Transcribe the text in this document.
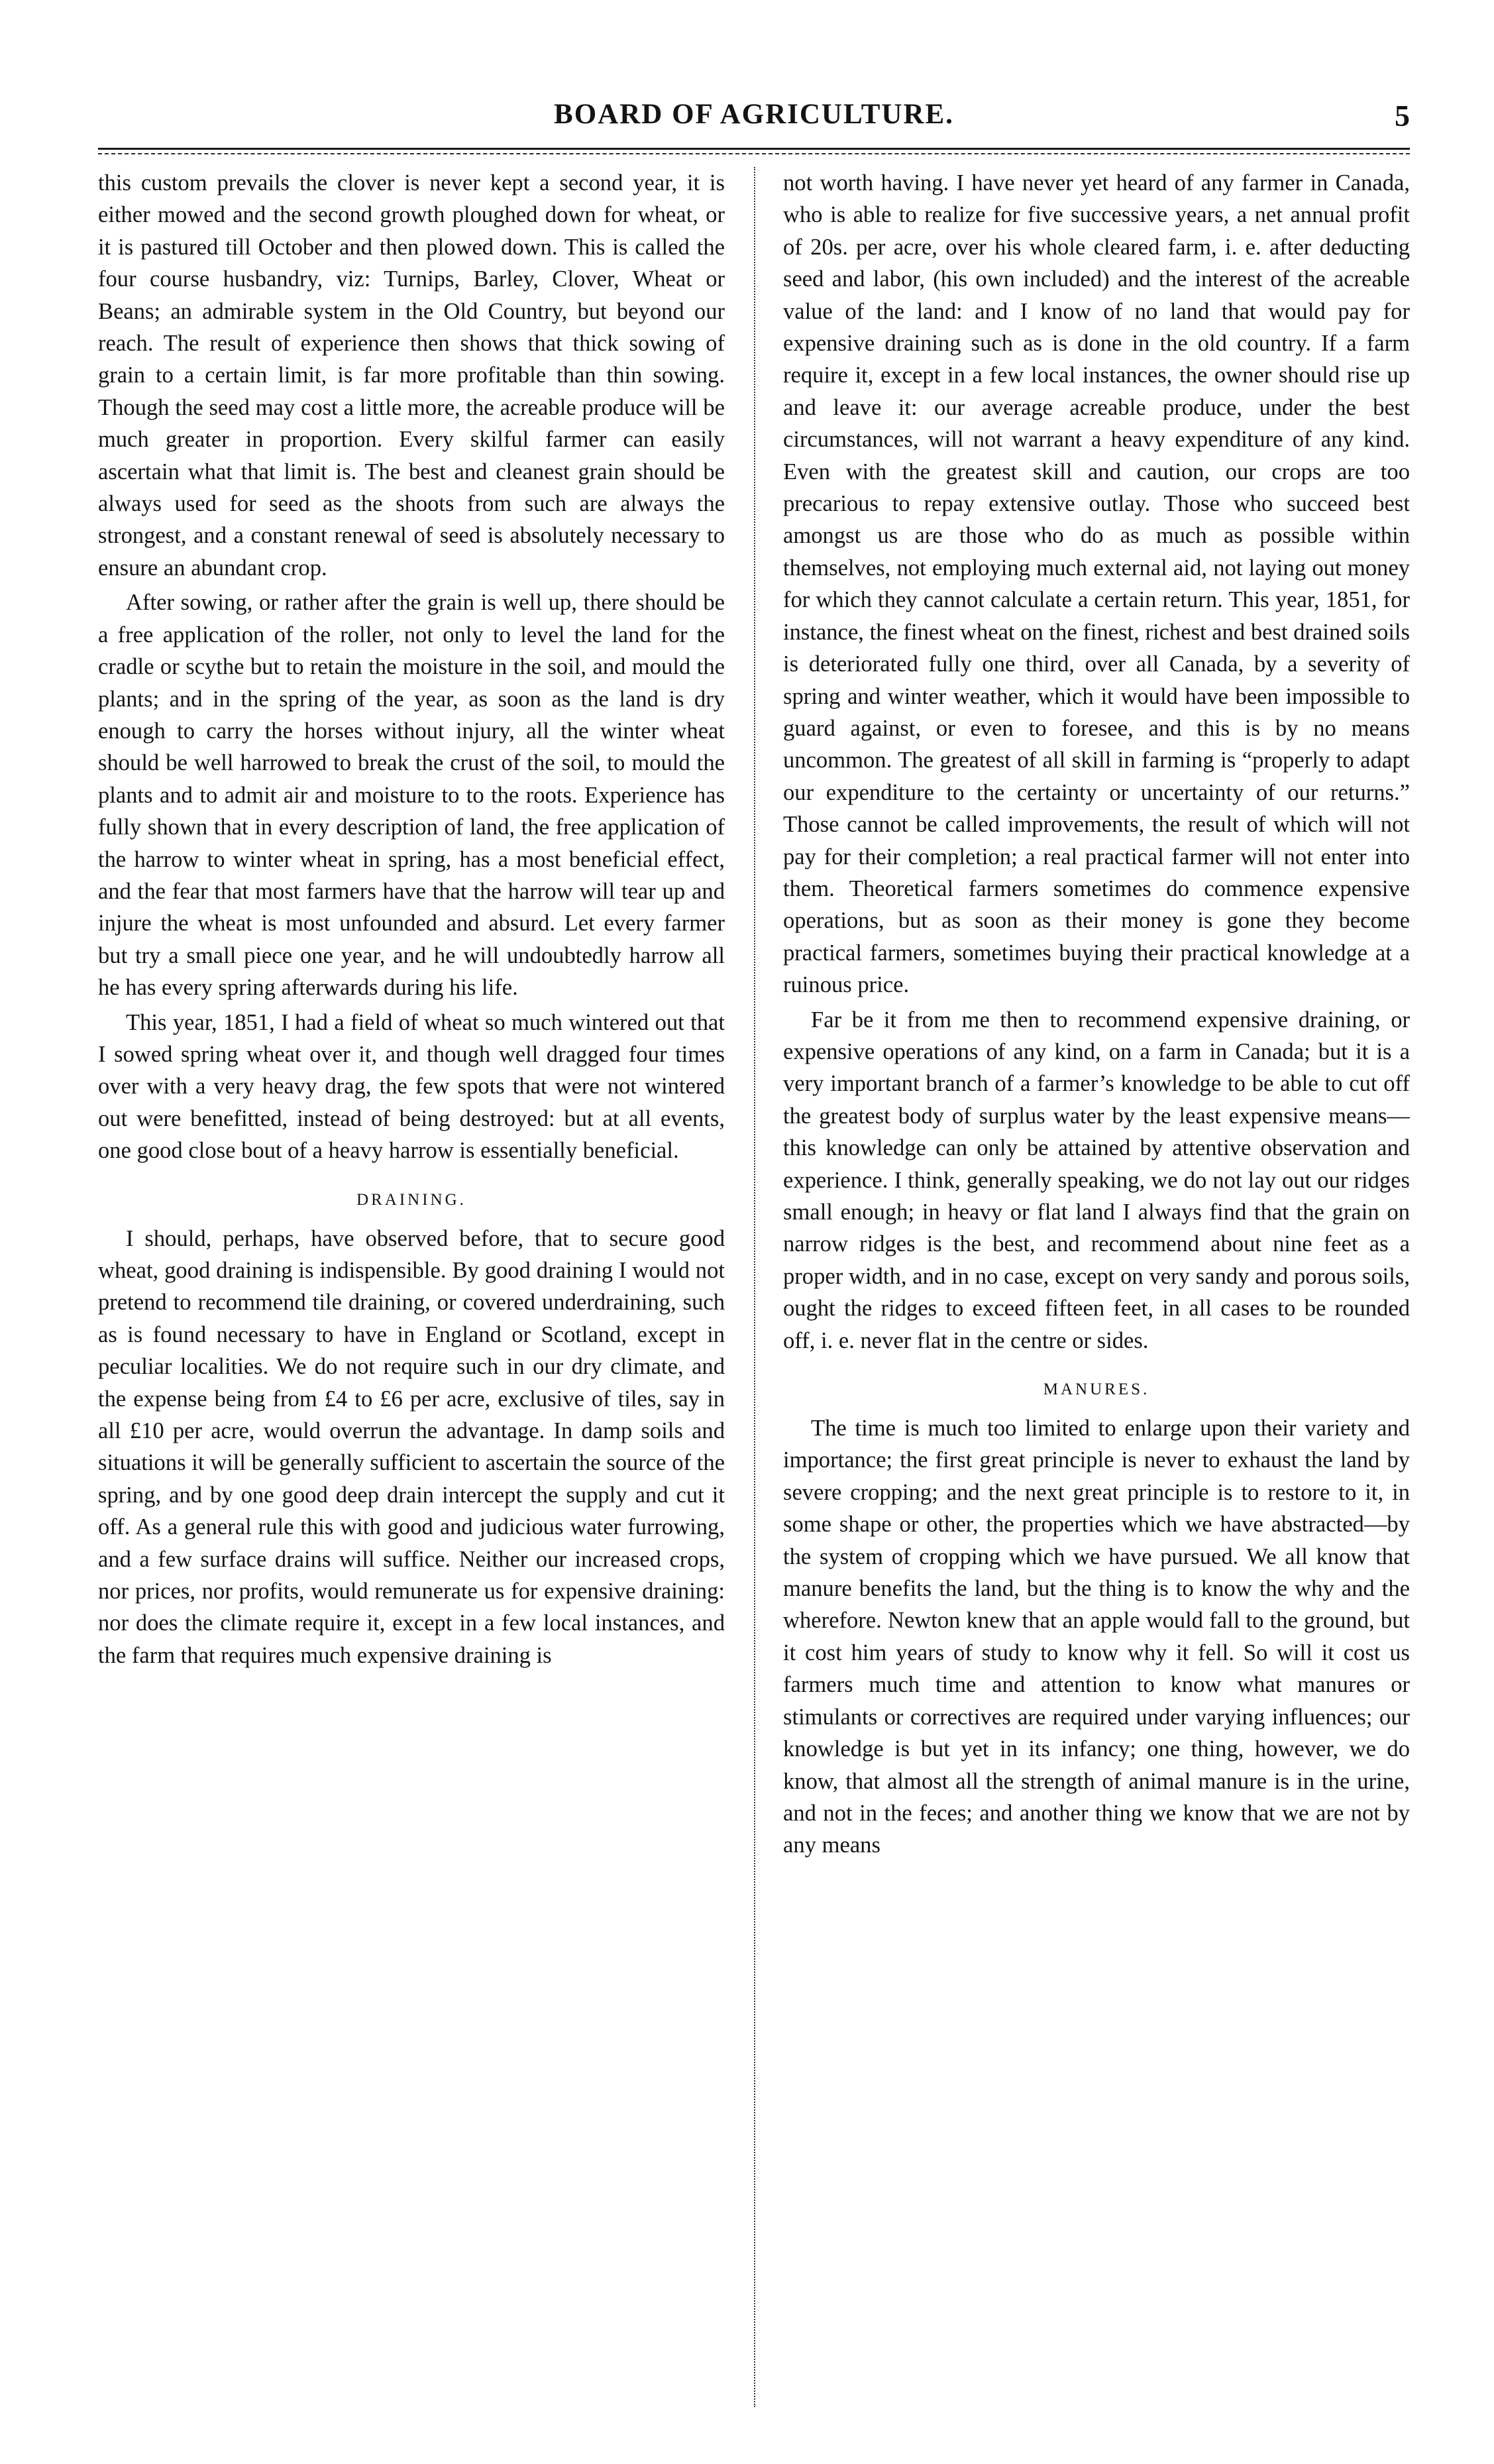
BOARD OF AGRICULTURE.	5

this custom prevails the clover is never kept a second year, it is either mowed and the second growth ploughed down for wheat, or it is pastured till October and then plowed down. This is called the four course husbandry, viz: Turnips, Barley, Clover, Wheat or Beans; an admirable system in the Old Country, but beyond our reach. The result of experience then shows that thick sowing of grain to a certain limit, is far more profitable than thin sowing. Though the seed may cost a little more, the acreable produce will be much greater in proportion. Every skilful farmer can easily ascertain what that limit is. The best and cleanest grain should be always used for seed as the shoots from such are always the strongest, and a constant renewal of seed is absolutely necessary to ensure an abundant crop.

After sowing, or rather after the grain is well up, there should be a free application of the roller, not only to level the land for the cradle or scythe but to retain the moisture in the soil, and mould the plants; and in the spring of the year, as soon as the land is dry enough to carry the horses without injury, all the winter wheat should be well harrowed to break the crust of the soil, to mould the plants and to admit air and moisture to to the roots. Experience has fully shown that in every description of land, the free application of the harrow to winter wheat in spring, has a most beneficial effect, and the fear that most farmers have that the harrow will tear up and injure the wheat is most unfounded and absurd. Let every farmer but try a small piece one year, and he will undoubtedly harrow all he has every spring afterwards during his life.

This year, 1851, I had a field of wheat so much wintered out that I sowed spring wheat over it, and though well dragged four times over with a very heavy drag, the few spots that were not wintered out were benefitted, instead of being destroyed: but at all events, one good close bout of a heavy harrow is essentially beneficial.

DRAINING.

I should, perhaps, have observed before, that to secure good wheat, good draining is indispensible. By good draining I would not pretend to recommend tile draining, or covered underdraining, such as is found necessary to have in England or Scotland, except in peculiar localities. We do not require such in our dry climate, and the expense being from £4 to £6 per acre, exclusive of tiles, say in all £10 per acre, would overrun the advantage. In damp soils and situations it will be generally sufficient to ascertain the source of the spring, and by one good deep drain intercept the supply and cut it off. As a general rule this with good and judicious water furrowing, and a few surface drains will suffice. Neither our increased crops, nor prices, nor profits, would remunerate us for expensive draining: nor does the climate require it, except in a few local instances, and the farm that requires much expensive draining is

not worth having. I have never yet heard of any farmer in Canada, who is able to realize for five successive years, a net annual profit of 20s. per acre, over his whole cleared farm, i. e. after deducting seed and labor, (his own included) and the interest of the acreable value of the land: and I know of no land that would pay for expensive draining such as is done in the old country. If a farm require it, except in a few local instances, the owner should rise up and leave it: our average acreable produce, under the best circumstances, will not warrant a heavy expenditure of any kind. Even with the greatest skill and caution, our crops are too precarious to repay extensive outlay. Those who succeed best amongst us are those who do as much as possible within themselves, not employing much external aid, not laying out money for which they cannot calculate a certain return. This year, 1851, for instance, the finest wheat on the finest, richest and best drained soils is deteriorated fully one third, over all Canada, by a severity of spring and winter weather, which it would have been impossible to guard against, or even to foresee, and this is by no means uncommon. The greatest of all skill in farming is “properly to adapt our expenditure to the certainty or uncertainty of our returns.” Those cannot be called improvements, the result of which will not pay for their completion; a real practical farmer will not enter into them. Theoretical farmers sometimes do commence expensive operations, but as soon as their money is gone they become practical farmers, sometimes buying their practical knowledge at a ruinous price.

Far be it from me then to recommend expensive draining, or expensive operations of any kind, on a farm in Canada; but it is a very important branch of a farmer’s knowledge to be able to cut off the greatest body of surplus water by the least expensive means—this knowledge can only be attained by attentive observation and experience. I think, generally speaking, we do not lay out our ridges small enough; in heavy or flat land I always find that the grain on narrow ridges is the best, and recommend about nine feet as a proper width, and in no case, except on very sandy and porous soils, ought the ridges to exceed fifteen feet, in all cases to be rounded off, i. e. never flat in the centre or sides.

MANURES.

The time is much too limited to enlarge upon their variety and importance; the first great principle is never to exhaust the land by severe cropping; and the next great principle is to restore to it, in some shape or other, the properties which we have abstracted—by the system of cropping which we have pursued. We all know that manure benefits the land, but the thing is to know the why and the wherefore. Newton knew that an apple would fall to the ground, but it cost him years of study to know why it fell. So will it cost us farmers much time and attention to know what manures or stimulants or correctives are required under varying influences; our knowledge is but yet in its infancy; one thing, however, we do know, that almost all the strength of animal manure is in the urine, and not in the feces; and another thing we know that we are not by any means
